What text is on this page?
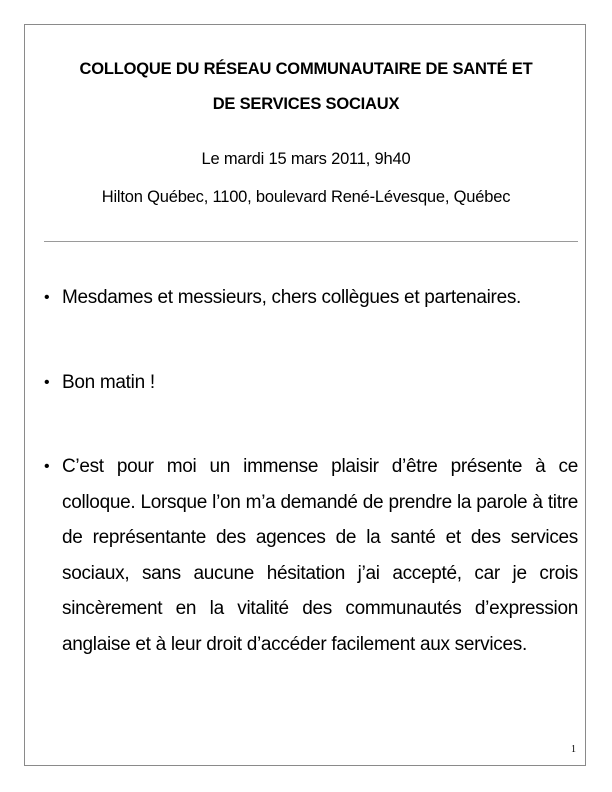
COLLOQUE DU RÉSEAU COMMUNAUTAIRE DE SANTÉ ET
DE SERVICES SOCIAUX
Le mardi 15 mars 2011, 9h40
Hilton Québec, 1100, boulevard René-Lévesque, Québec
• Mesdames et messieurs, chers collègues et partenaires.
• Bon matin !
• C’est pour moi un immense plaisir d’être présente à ce colloque. Lorsque l’on m’a demandé de prendre la parole à titre de représentante des agences de la santé et des services sociaux, sans aucune hésitation j’ai accepté, car je crois sincèrement en la vitalité des communautés d’expression anglaise et à leur droit d’accéder facilement aux services.
1
